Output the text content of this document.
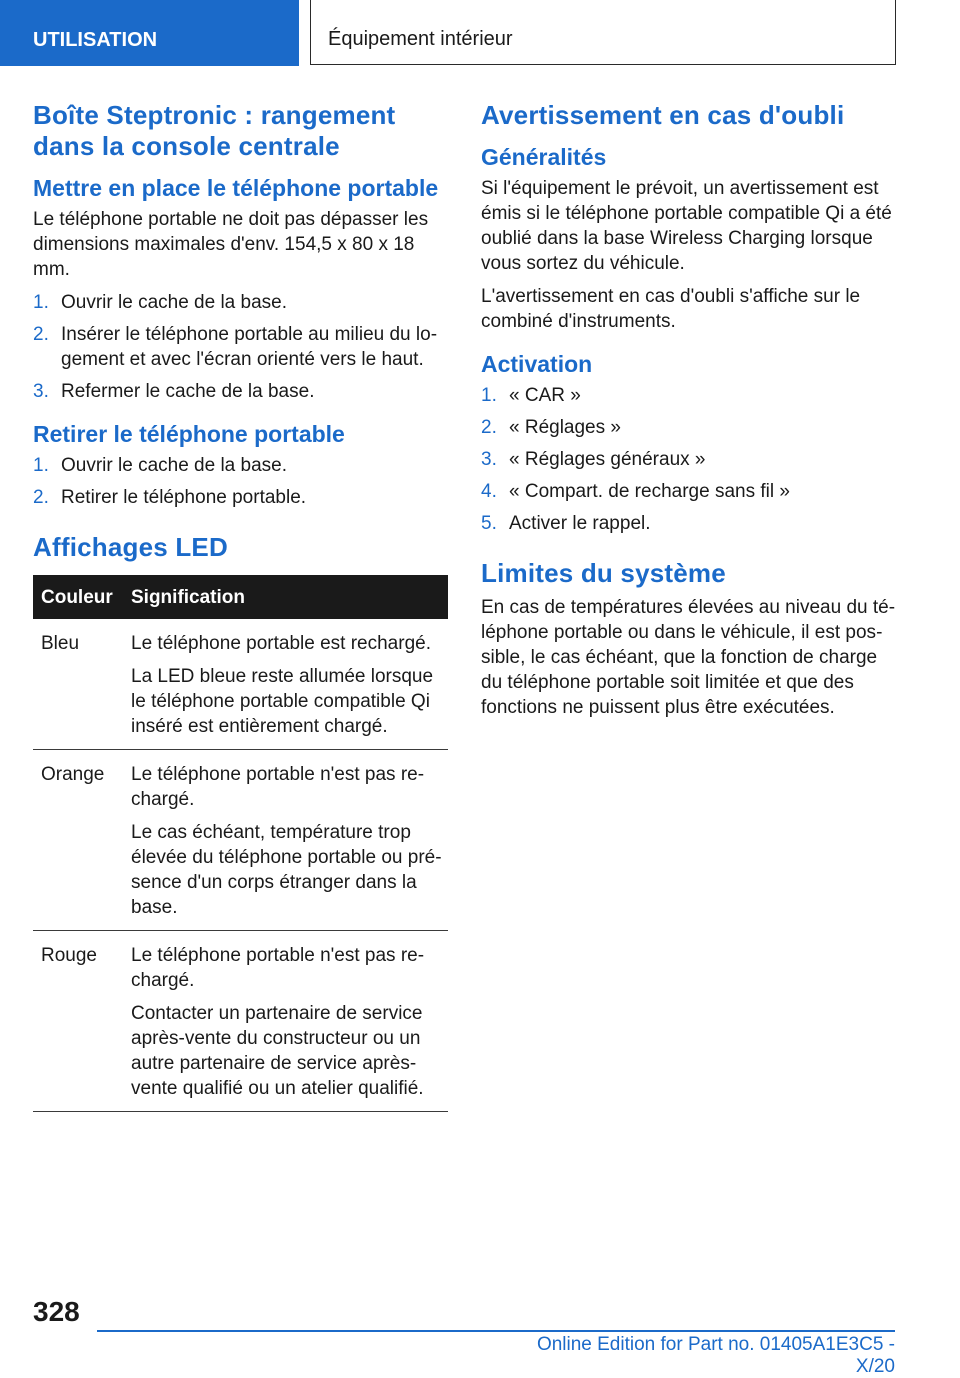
UTILISATION	Équipement intérieur
Boîte Steptronic : rangement dans la console centrale
Mettre en place le téléphone portable

Le téléphone portable ne doit pas dépasser les dimensions maximales d'env. 154,5 x 80 x 18 mm.

1. Ouvrir le cache de la base.
2. Insérer le téléphone portable au milieu du logement et avec l'écran orienté vers le haut.
3. Refermer le cache de la base.
Retirer le téléphone portable
1. Ouvrir le cache de la base.
2. Retirer le téléphone portable.
Affichages LED
Couleur	Signification
Bleu	Le téléphone portable est rechargé.

La LED bleue reste allumée lorsque le téléphone portable compatible Qi inséré est entièrement chargé.

Orange	Le téléphone portable n'est pas rechargé.

Le cas échéant, température trop élevée du téléphone portable ou présence d'un corps étranger dans la base.

Rouge	Le téléphone portable n'est pas rechargé.

Contacter un partenaire de service après-vente du constructeur ou un autre partenaire de service après-vente qualifié ou un atelier qualifié.

Avertissement en cas d'oubli
Généralités

Si l'équipement le prévoit, un avertissement est émis si le téléphone portable compatible Qi a été oublié dans la base Wireless Charging lorsque vous sortez du véhicule.

L'avertissement en cas d'oubli s'affiche sur le combiné d'instruments.

Activation
1. « CAR »
2. « Réglages »
3. « Réglages généraux »
4. « Compart. de recharge sans fil »
5. Activer le rappel.
Limites du système

En cas de températures élevées au niveau du téléphone portable ou dans le véhicule, il est possible, le cas échéant, que la fonction de charge du téléphone portable soit limitée et que des fonctions ne puissent plus être exécutées.

328
Online Edition for Part no. 01405A1E3C5 - X/20
